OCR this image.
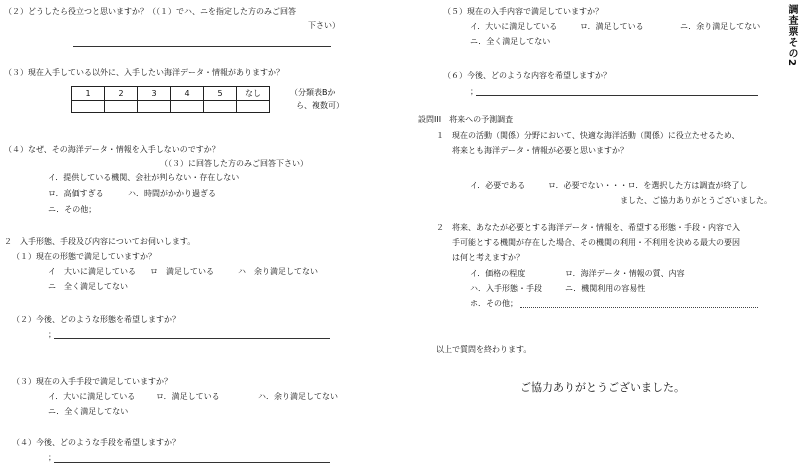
調査票その2
（２）どうしたら役立つと思いますか？（（１）でハ、ニを指定した方のみご回答
下さい）
（３）現在入手している以外に、入手したい海洋データ・情報がありますか？
1	2	3	4	5	なし
						（分類表Bか
ら、複数可）
（４）なぜ、その海洋データ・情報を入手しないのですか？
（（３）に回答した方のみご回答下さい）
イ．提供している機関、会社が判らない・存在しない
ロ．高価すぎる	ハ．時間がかかり過ぎる
ニ．その他；
２　入手形態、手段及び内容についてお伺いします。
（１）現在の形態で満足していますか？
イ　大いに満足している ロ　満足している	ハ　余り満足してない
ニ　全く満足してない
（２）今後、どのような形態を希望しますか？
；
（３）現在の入手手段で満足していますか？
イ．大いに満足している	ロ．満足している	ハ．余り満足してない
ニ．全く満足してない
（４）今後、どのような手段を希望しますか？
；
（５）現在の入手内容で満足していますか？
イ．大いに満足している	ロ．満足している	ニ．余り満足してない
ニ．全く満足してない
（６）今後、どのような内容を希望しますか？
；
設問III　将来への予測調査
１　現在の活動（関係）分野において、快適な海洋活動（関係）に役立たせるため、
将来とも海洋データ・情報が必要と思いますか？
イ．必要である	ロ．必要でない・・・ロ．を選択した方は調査が終了し
ました、ご協力ありがとうございました。
２　将来、あなたが必要とする海洋データ・情報を、希望する形態・手段・内容で入
手可能とする機関が存在した場合、その機関の利用・不利用を決める最大の要因
は何と考えますか？
イ．価格の程度	ロ．海洋データ・情報の質、内容
ハ．入手形態・手段	ニ．機関利用の容易性
ホ．その他；
以上で質問を終わります。
ご協力ありがとうございました。
